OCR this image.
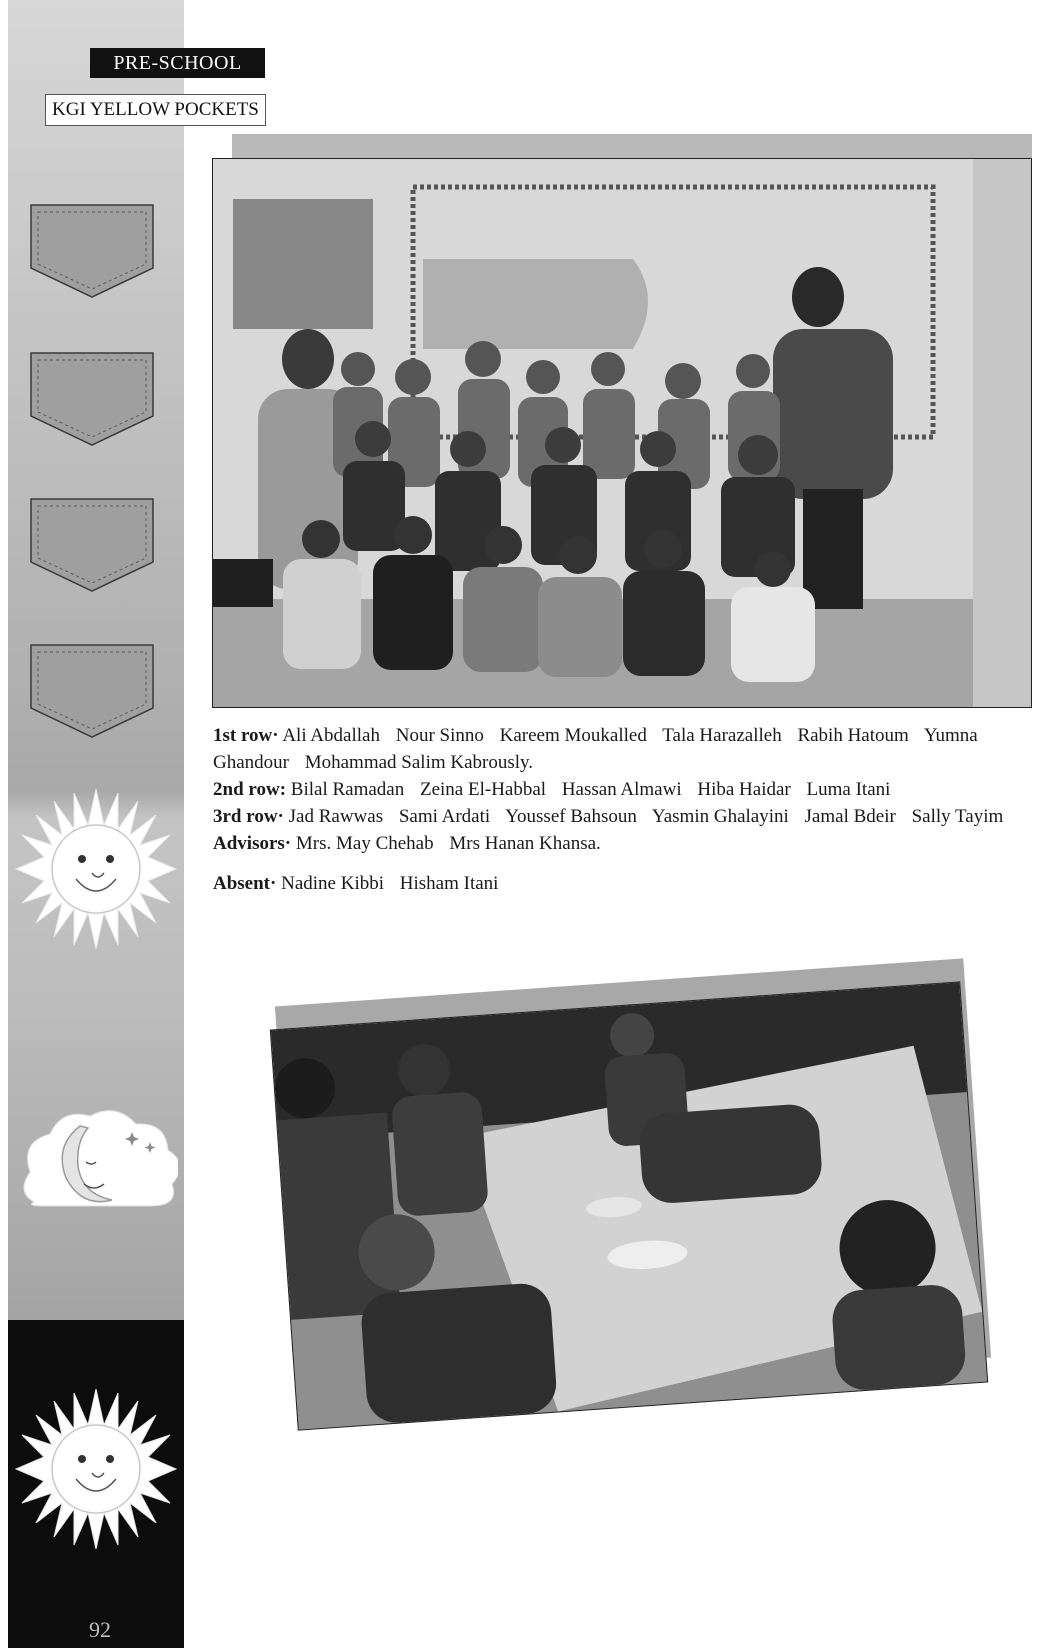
PRE-SCHOOL
KGI YELLOW POCKETS

1st row· Ali Abdallah Nour Sinno Kareem Moukalled Tala Harazalleh Rabih Hatoum Yumna Ghandour Mohammad Salim Kabrously.

2nd row: Bilal Ramadan Zeina El-Habbal Hassan Almawi Hiba Haidar Luma Itani

3rd row· Jad Rawwas Sami Ardati Youssef Bahsoun Yasmin Ghalayini Jamal Bdeir Sally Tayim

Advisors· Mrs. May Chehab Mrs Hanan Khansa.

Absent· Nadine Kibbi Hisham Itani
92
